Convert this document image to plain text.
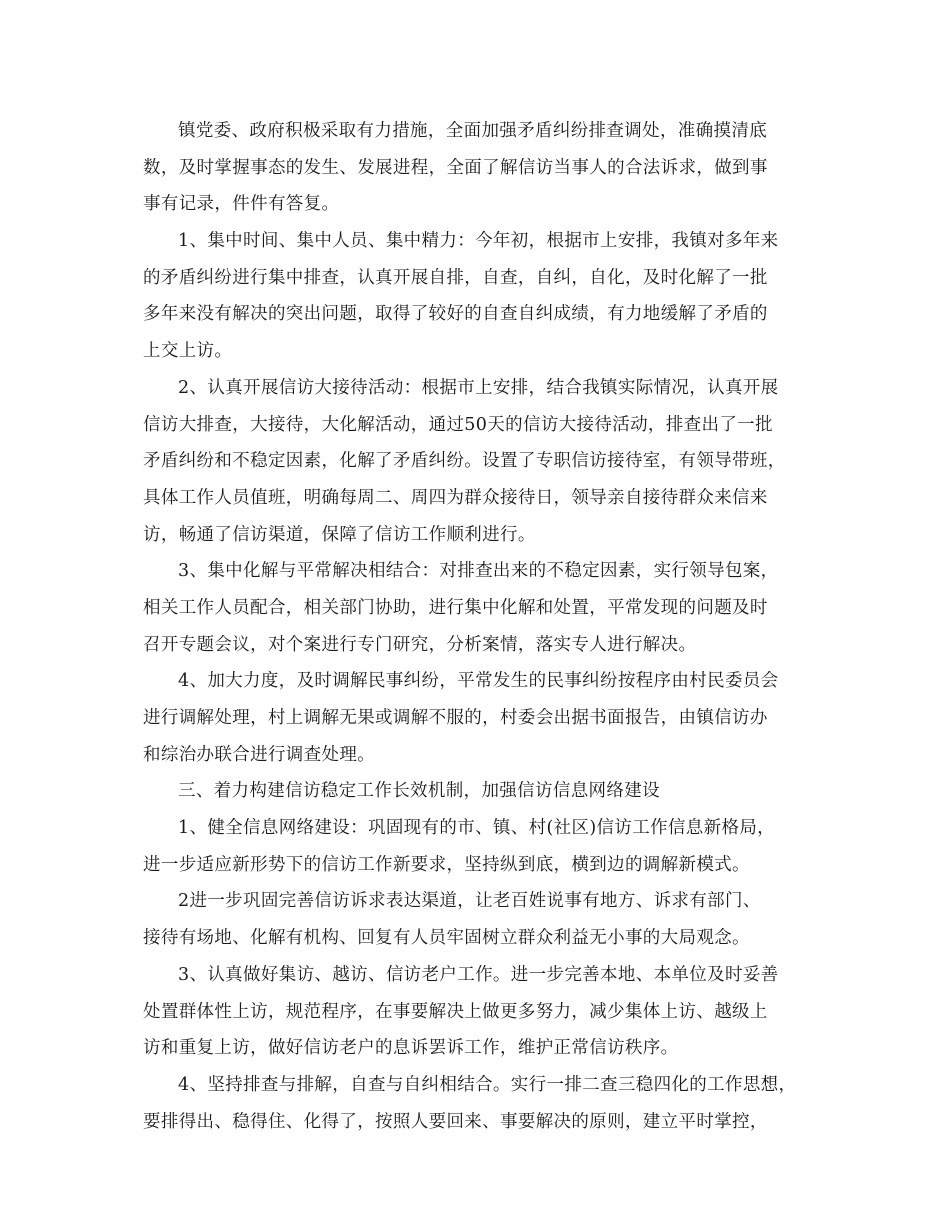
镇党委、政府积极采取有力措施，全面加强矛盾纠纷排查调处，准确摸清底
数，及时掌握事态的发生、发展进程，全面了解信访当事人的合法诉求，做到事
事有记录，件件有答复。
1、集中时间、集中人员、集中精力：今年初，根据市上安排，我镇对多年来
的矛盾纠纷进行集中排查，认真开展自排，自查，自纠，自化，及时化解了一批
多年来没有解决的突出问题，取得了较好的自查自纠成绩，有力地缓解了矛盾的
上交上访。
2、认真开展信访大接待活动：根据市上安排，结合我镇实际情况，认真开展
信访大排查，大接待，大化解活动，通过50天的信访大接待活动，排查出了一批
矛盾纠纷和不稳定因素，化解了矛盾纠纷。设置了专职信访接待室，有领导带班，
具体工作人员值班，明确每周二、周四为群众接待日，领导亲自接待群众来信来
访，畅通了信访渠道，保障了信访工作顺利进行。
3、集中化解与平常解决相结合：对排查出来的不稳定因素，实行领导包案，
相关工作人员配合，相关部门协助，进行集中化解和处置，平常发现的问题及时
召开专题会议，对个案进行专门研究，分析案情，落实专人进行解决。
4、加大力度，及时调解民事纠纷，平常发生的民事纠纷按程序由村民委员会
进行调解处理，村上调解无果或调解不服的，村委会出据书面报告，由镇信访办
和综治办联合进行调查处理。
三、着力构建信访稳定工作长效机制，加强信访信息网络建设
1、健全信息网络建设：巩固现有的市、镇、村(社区)信访工作信息新格局，
进一步适应新形势下的信访工作新要求，坚持纵到底，横到边的调解新模式。
2进一步巩固完善信访诉求表达渠道，让老百姓说事有地方、诉求有部门、
接待有场地、化解有机构、回复有人员牢固树立群众利益无小事的大局观念。
3、认真做好集访、越访、信访老户工作。进一步完善本地、本单位及时妥善
处置群体性上访，规范程序，在事要解决上做更多努力，减少集体上访、越级上
访和重复上访，做好信访老户的息诉罢诉工作，维护正常信访秩序。
4、坚持排查与排解，自查与自纠相结合。实行一排二查三稳四化的工作思想，
要排得出、稳得住、化得了，按照人要回来、事要解决的原则，建立平时掌控，
